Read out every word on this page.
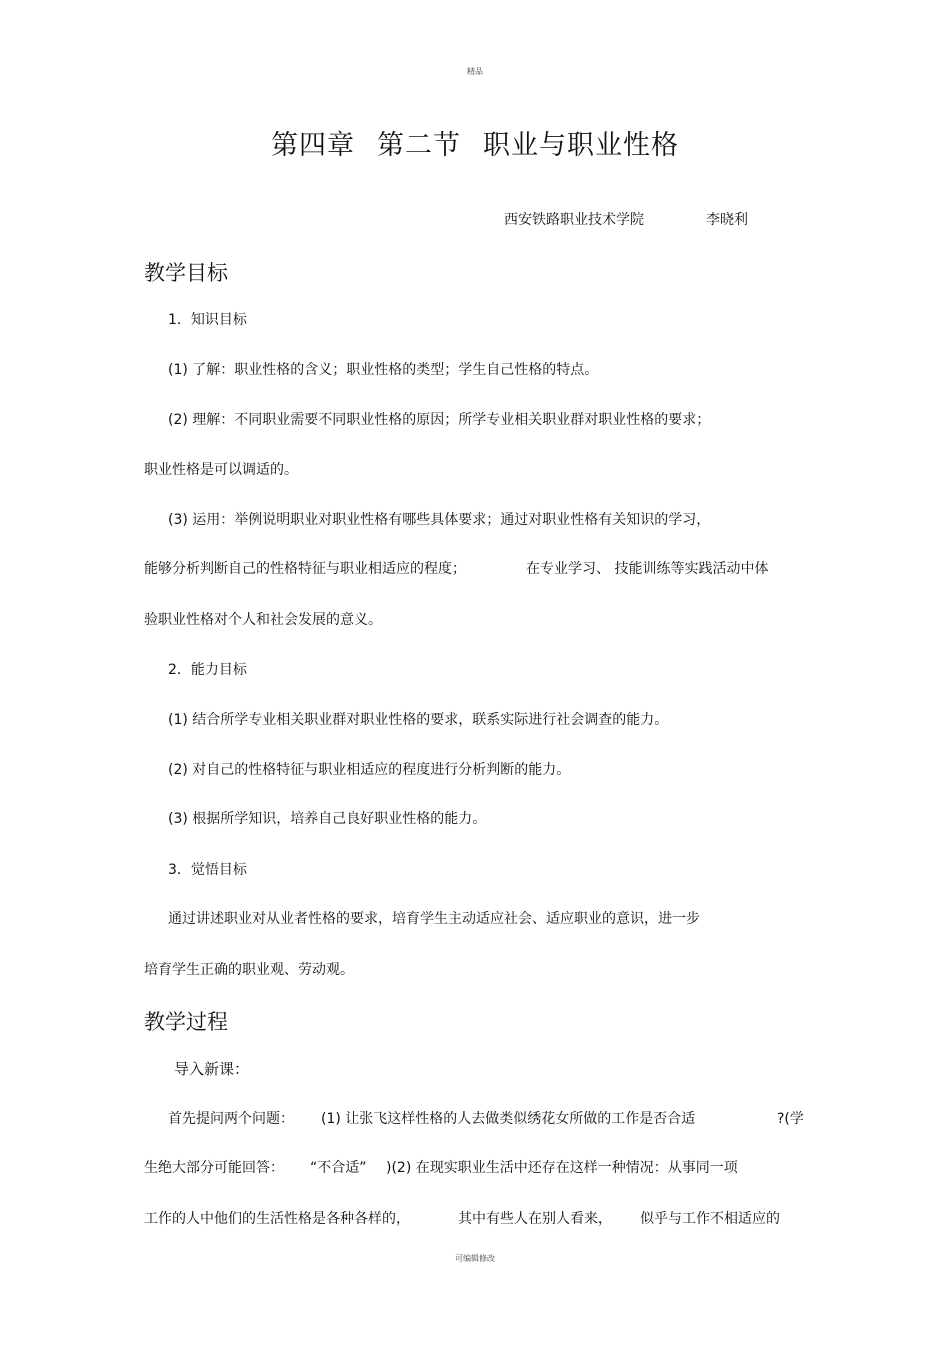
精品
第四章 第二节 职业与职业性格
西安铁路职业技术学院	李晓利
教学目标
1．知识目标
(1) 了解：职业性格的含义；职业性格的类型；学生自己性格的特点。
(2) 理解：不同职业需要不同职业性格的原因；所学专业相关职业群对职业性格的要求；
职业性格是可以调适的。
(3) 运用：举例说明职业对职业性格有哪些具体要求；通过对职业性格有关知识的学习，
能够分析判断自己的性格特征与职业相适应的程度；	在专业学习、 技能训练等实践活动中体
验职业性格对个人和社会发展的意义。
2．能力目标
(1) 结合所学专业相关职业群对职业性格的要求，联系实际进行社会调查的能力。
(2) 对自己的性格特征与职业相适应的程度进行分析判断的能力。
(3) 根据所学知识，培养自己良好职业性格的能力。
3．觉悟目标
通过讲述职业对从业者性格的要求，培育学生主动适应社会、适应职业的意识，进一步
培育学生正确的职业观、劳动观。
教学过程
导入新课：
首先提问两个问题： (1) 让张飞这样性格的人去做类似绣花女所做的工作是否合适	?(学
生绝大部分可能回答： “不合适” )(2) 在现实职业生活中还存在这样一种情况：从事同一项
工作的人中他们的生活性格是各种各样的，	其中有些人在别人看来， 似乎与工作不相适应的
可编辑修改
